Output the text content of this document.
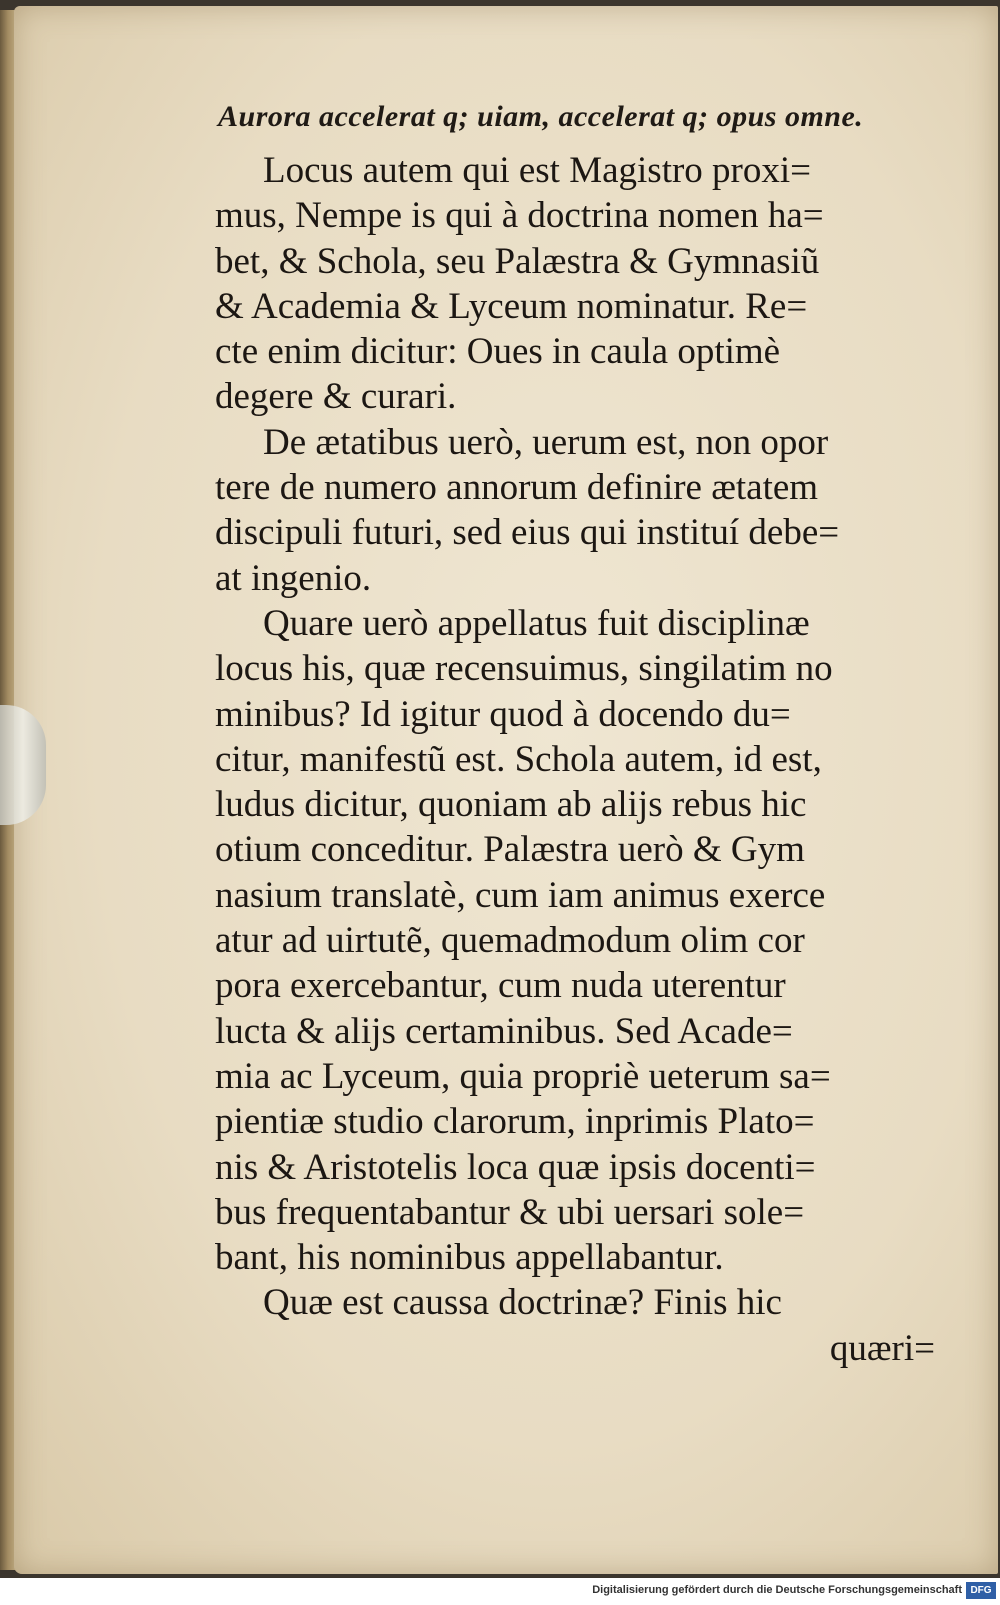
Aurora accelerat q; uiam, accelerat q; opus omne.
Locus autem qui est Magistro proxi=
mus, Nempe is qui à doctrina nomen ha=
bet, & Schola, seu Palæstra & Gymnasiũ
& Academia & Lyceum nominatur. Re=
cte enim dicitur: Oues in caula optimè
degere & curari.
De ætatibus uerò, uerum est, non opor
tere de numero annorum definire ætatem
discipuli futuri, sed eius qui instituí debe=
at ingenio.
Quare uerò appellatus fuit disciplinæ
locus his, quæ recensuimus, singilatim no
minibus? Id igitur quod à docendo du=
citur, manifestũ est. Schola autem, id est,
ludus dicitur, quoniam ab alijs rebus hic
otium conceditur. Palæstra uerò & Gym
nasium translatè, cum iam animus exerce
atur ad uirtutẽ, quemadmodum olim cor
pora exercebantur, cum nuda uterentur
lucta & alijs certaminibus. Sed Acade=
mia ac Lyceum, quia propriè ueterum sa=
pientiæ studio clarorum, inprimis Plato=
nis & Aristotelis loca quæ ipsis docenti=
bus frequentabantur & ubi uersari sole=
bant, his nominibus appellabantur.
Quæ est caussa doctrinæ? Finis hic
quæri=
Digitalisierung gefördert durch die Deutsche Forschungsgemeinschaft DFG
